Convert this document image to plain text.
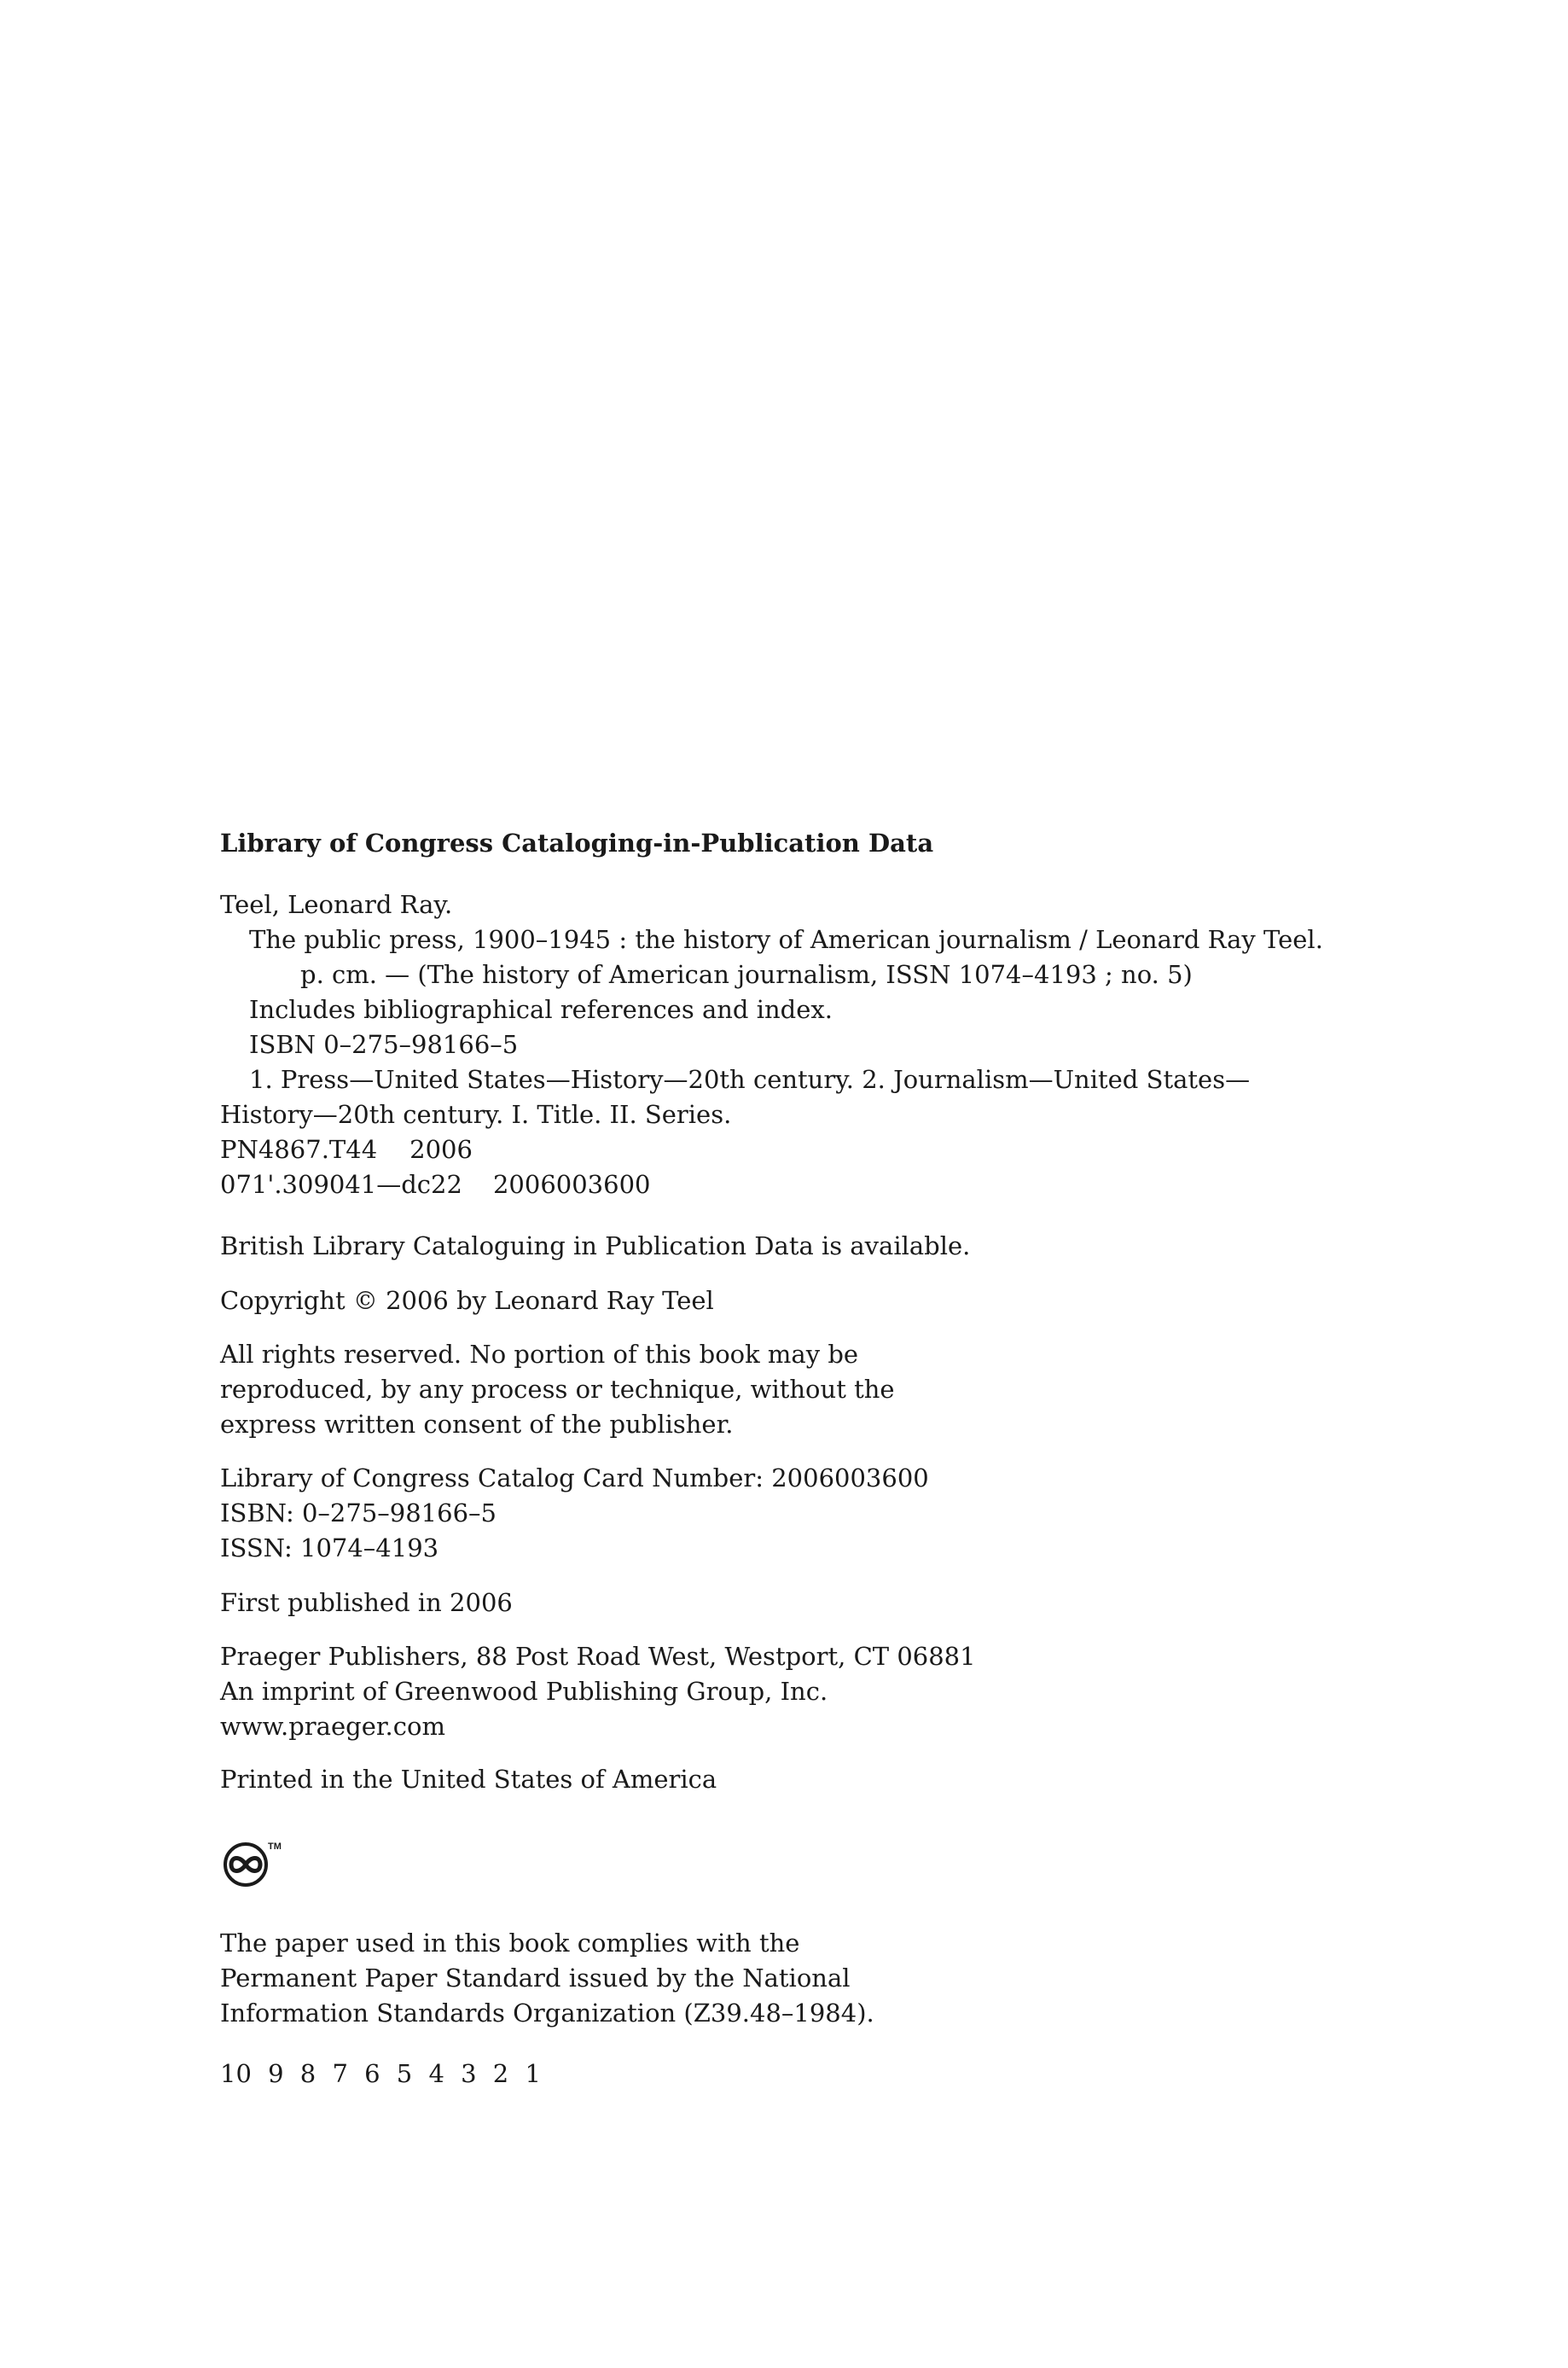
Library of Congress Cataloging-in-Publication Data
Teel, Leonard Ray.
The public press, 1900–1945 : the history of American journalism / Leonard Ray Teel.
p. cm. — (The history of American journalism, ISSN 1074–4193 ; no. 5)
Includes bibliographical references and index.
ISBN 0–275–98166–5
1. Press—United States—History—20th century. 2. Journalism—United States—
History—20th century. I. Title. II. Series.
PN4867.T44 2006
071'.309041—dc22 2006003600
British Library Cataloguing in Publication Data is available.
Copyright © 2006 by Leonard Ray Teel
All rights reserved. No portion of this book may be
reproduced, by any process or technique, without the
express written consent of the publisher.
Library of Congress Catalog Card Number: 2006003600
ISBN: 0–275–98166–5
ISSN: 1074–4193
First published in 2006
Praeger Publishers, 88 Post Road West, Westport, CT 06881
An imprint of Greenwood Publishing Group, Inc.
www.praeger.com
Printed in the United States of America
TM
The paper used in this book complies with the
Permanent Paper Standard issued by the National
Information Standards Organization (Z39.48–1984).
10 9 8 7 6 5 4 3 2 1
